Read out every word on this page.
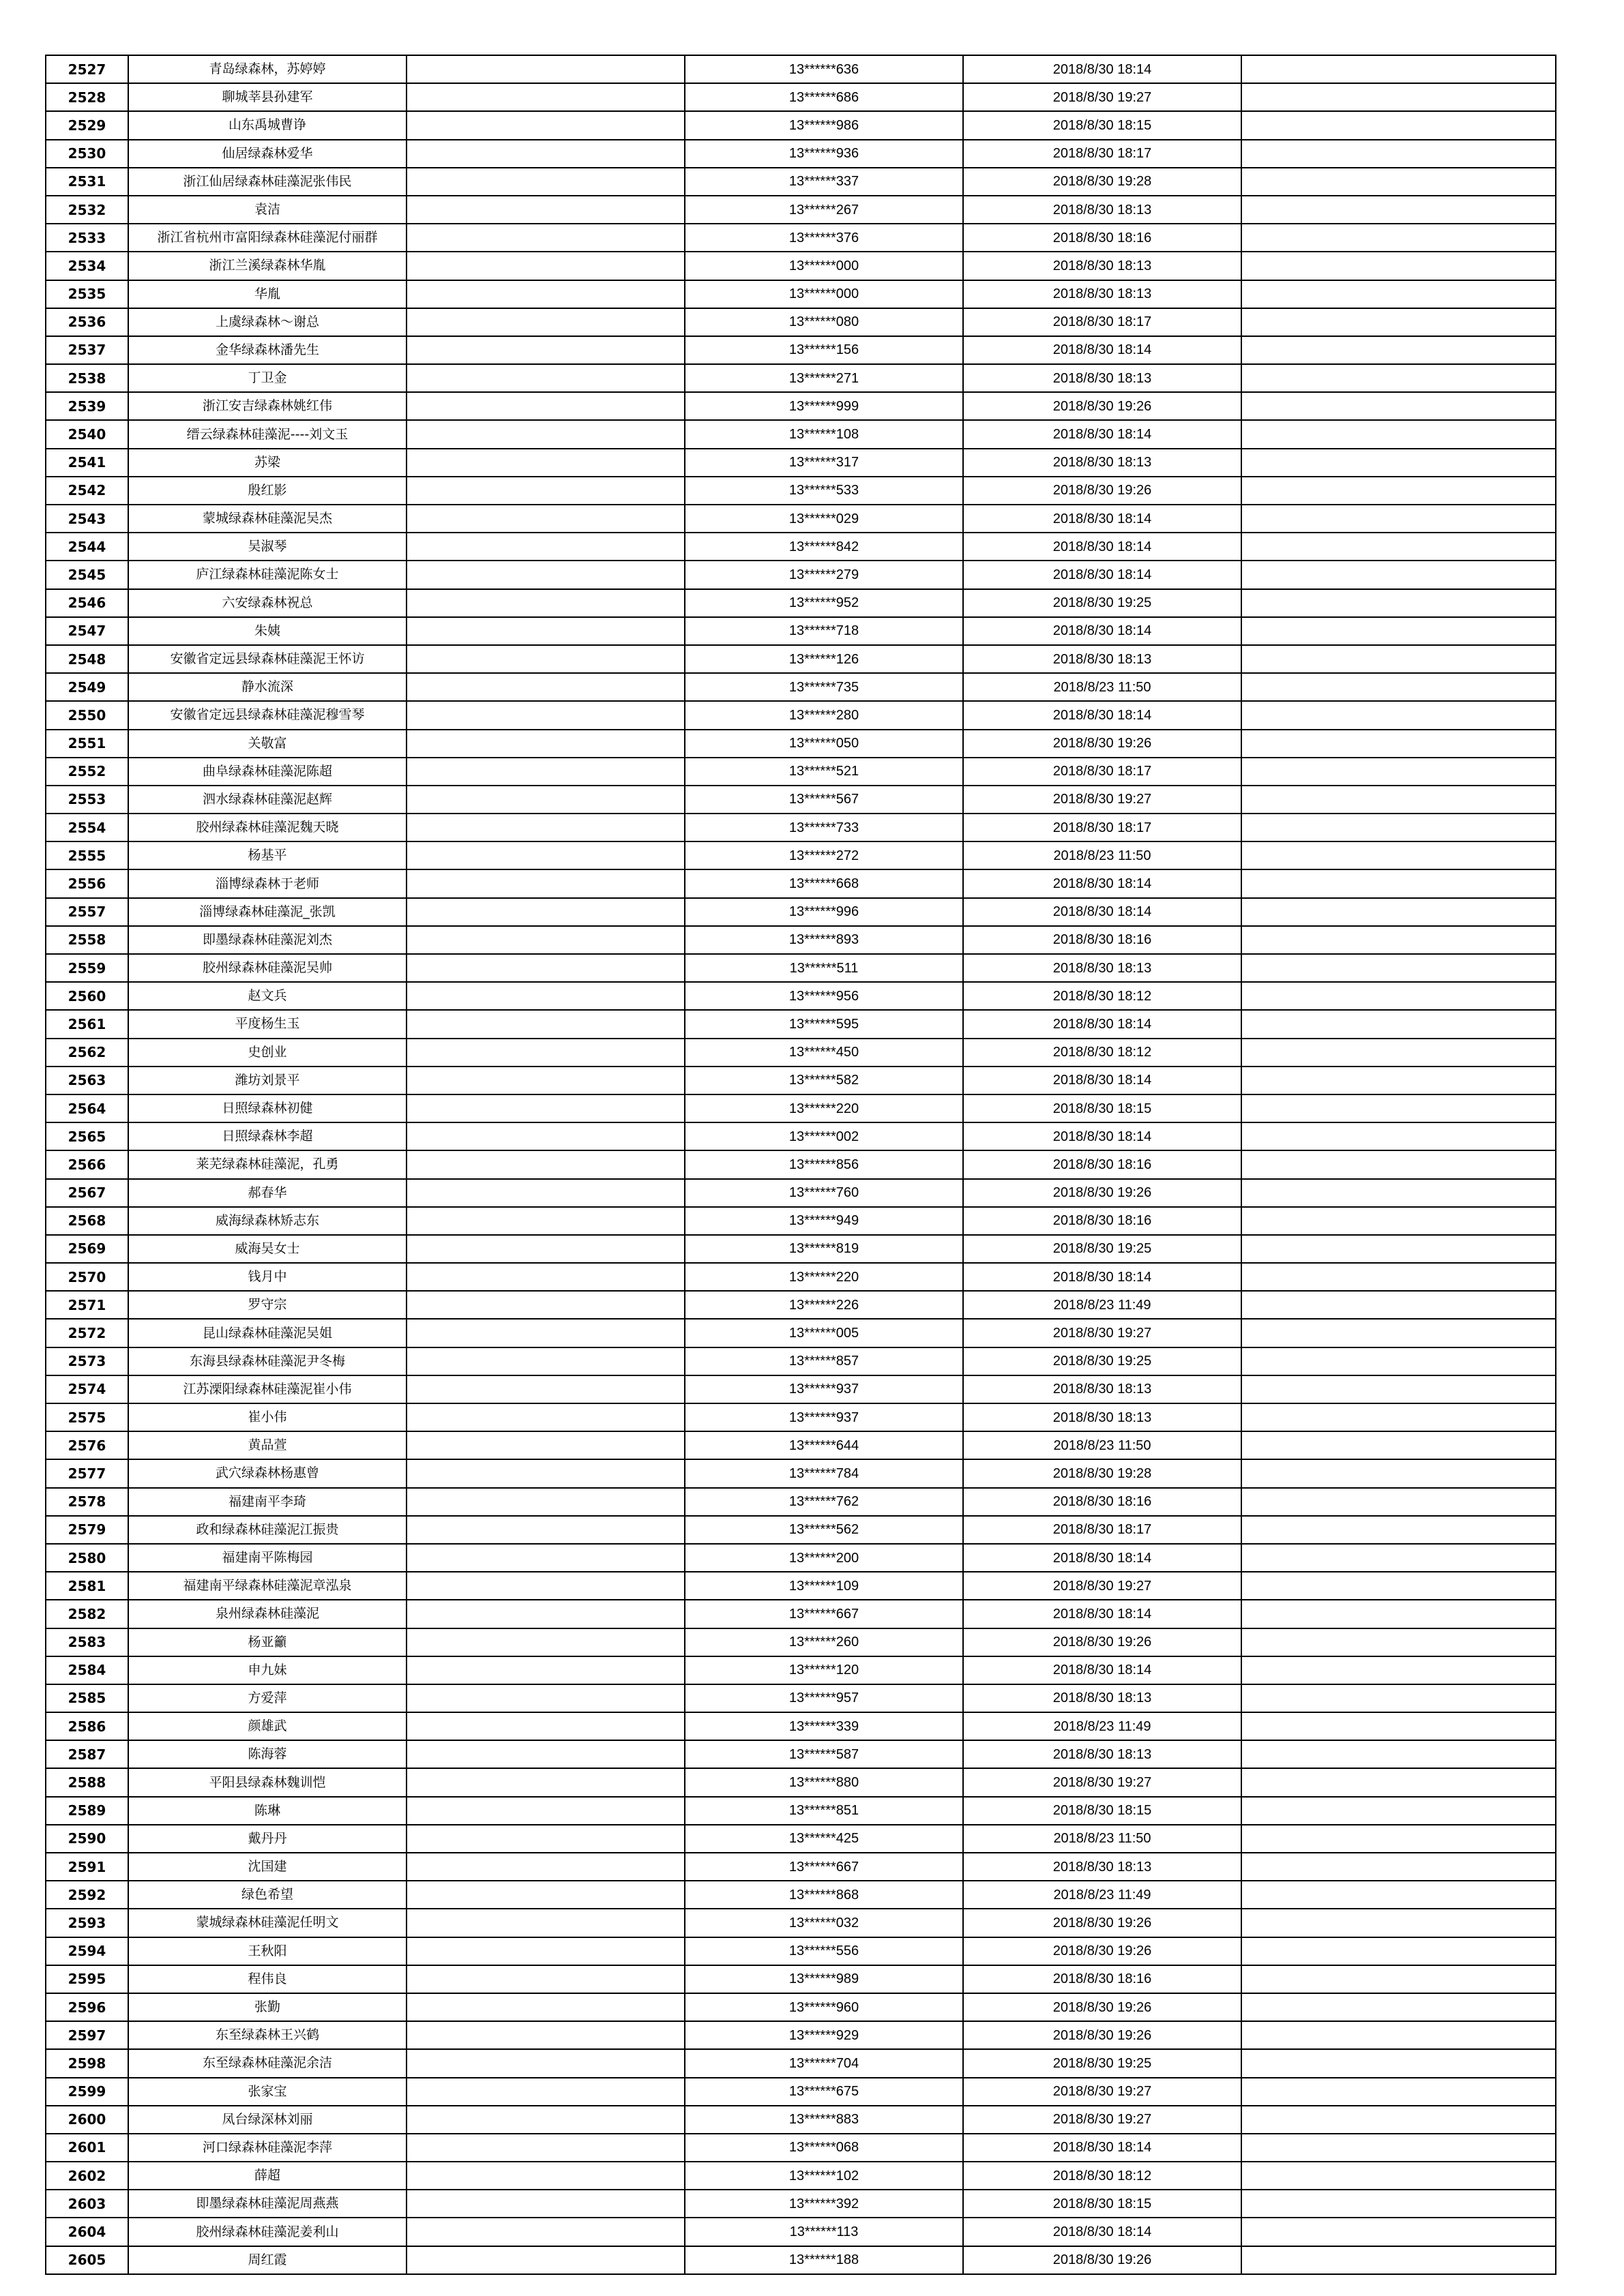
2527	青岛绿森林，苏婷婷		13******636	2018/8/30 18:14	
2528	聊城莘县孙建军		13******686	2018/8/30 19:27	
2529	山东禹城曹诤		13******986	2018/8/30 18:15	
2530	仙居绿森林爱华		13******936	2018/8/30 18:17	
2531	浙江仙居绿森林硅藻泥张伟民		13******337	2018/8/30 19:28	
2532	袁洁		13******267	2018/8/30 18:13	
2533	浙江省杭州市富阳绿森林硅藻泥付丽群		13******376	2018/8/30 18:16	
2534	浙江兰溪绿森林华胤		13******000	2018/8/30 18:13	
2535	华胤		13******000	2018/8/30 18:13	
2536	上虞绿森林～谢总		13******080	2018/8/30 18:17	
2537	金华绿森林潘先生		13******156	2018/8/30 18:14	
2538	丁卫金		13******271	2018/8/30 18:13	
2539	浙江安吉绿森林姚红伟		13******999	2018/8/30 19:26	
2540	缙云绿森林硅藻泥----刘文玉		13******108	2018/8/30 18:14	
2541	苏梁		13******317	2018/8/30 18:13	
2542	殷红影		13******533	2018/8/30 19:26	
2543	蒙城绿森林硅藻泥吴杰		13******029	2018/8/30 18:14	
2544	吴淑琴		13******842	2018/8/30 18:14	
2545	庐江绿森林硅藻泥陈女士		13******279	2018/8/30 18:14	
2546	六安绿森林祝总		13******952	2018/8/30 19:25	
2547	朱姨		13******718	2018/8/30 18:14	
2548	安徽省定远县绿森林硅藻泥王怀访		13******126	2018/8/30 18:13	
2549	静水流深		13******735	2018/8/23 11:50	
2550	安徽省定远县绿森林硅藻泥穆雪琴		13******280	2018/8/30 18:14	
2551	关敬富		13******050	2018/8/30 19:26	
2552	曲阜绿森林硅藻泥陈超		13******521	2018/8/30 18:17	
2553	泗水绿森林硅藻泥赵辉		13******567	2018/8/30 19:27	
2554	胶州绿森林硅藻泥魏天晓		13******733	2018/8/30 18:17	
2555	杨基平		13******272	2018/8/23 11:50	
2556	淄博绿森林于老师		13******668	2018/8/30 18:14	
2557	淄博绿森林硅藻泥_张凯		13******996	2018/8/30 18:14	
2558	即墨绿森林硅藻泥刘杰		13******893	2018/8/30 18:16	
2559	胶州绿森林硅藻泥吴帅		13******511	2018/8/30 18:13	
2560	赵文兵		13******956	2018/8/30 18:12	
2561	平度杨生玉		13******595	2018/8/30 18:14	
2562	史创业		13******450	2018/8/30 18:12	
2563	潍坊刘景平		13******582	2018/8/30 18:14	
2564	日照绿森林初健		13******220	2018/8/30 18:15	
2565	日照绿森林李超		13******002	2018/8/30 18:14	
2566	莱芜绿森林硅藻泥，孔勇		13******856	2018/8/30 18:16	
2567	郝春华		13******760	2018/8/30 19:26	
2568	威海绿森林矫志东		13******949	2018/8/30 18:16	
2569	威海吴女士		13******819	2018/8/30 19:25	
2570	钱月中		13******220	2018/8/30 18:14	
2571	罗守宗		13******226	2018/8/23 11:49	
2572	昆山绿森林硅藻泥吴姐		13******005	2018/8/30 19:27	
2573	东海县绿森林硅藻泥尹冬梅		13******857	2018/8/30 19:25	
2574	江苏溧阳绿森林硅藻泥崔小伟		13******937	2018/8/30 18:13	
2575	崔小伟		13******937	2018/8/30 18:13	
2576	黄品萱		13******644	2018/8/23 11:50	
2577	武穴绿森林杨惠曾		13******784	2018/8/30 19:28	
2578	福建南平李琦		13******762	2018/8/30 18:16	
2579	政和绿森林硅藻泥江振贵		13******562	2018/8/30 18:17	
2580	福建南平陈梅园		13******200	2018/8/30 18:14	
2581	福建南平绿森林硅藻泥章泓泉		13******109	2018/8/30 19:27	
2582	泉州绿森林硅藻泥		13******667	2018/8/30 18:14	
2583	杨亚籲		13******260	2018/8/30 19:26	
2584	申九妹		13******120	2018/8/30 18:14	
2585	方爱萍		13******957	2018/8/30 18:13	
2586	颜雄武		13******339	2018/8/23 11:49	
2587	陈海蓉		13******587	2018/8/30 18:13	
2588	平阳县绿森林魏训恺		13******880	2018/8/30 19:27	
2589	陈琳		13******851	2018/8/30 18:15	
2590	戴丹丹		13******425	2018/8/23 11:50	
2591	沈国建		13******667	2018/8/30 18:13	
2592	绿色希望		13******868	2018/8/23 11:49	
2593	蒙城绿森林硅藻泥任明文		13******032	2018/8/30 19:26	
2594	王秋阳		13******556	2018/8/30 19:26	
2595	程伟良		13******989	2018/8/30 18:16	
2596	张勤		13******960	2018/8/30 19:26	
2597	东至绿森林王兴鹤		13******929	2018/8/30 19:26	
2598	东至绿森林硅藻泥余洁		13******704	2018/8/30 19:25	
2599	张家宝		13******675	2018/8/30 19:27	
2600	凤台绿深林刘丽		13******883	2018/8/30 19:27	
2601	河口绿森林硅藻泥李萍		13******068	2018/8/30 18:14	
2602	薛超		13******102	2018/8/30 18:12	
2603	即墨绿森林硅藻泥周燕燕		13******392	2018/8/30 18:15	
2604	胶州绿森林硅藻泥姜利山		13******113	2018/8/30 18:14	
2605	周红霞		13******188	2018/8/30 19:26	
